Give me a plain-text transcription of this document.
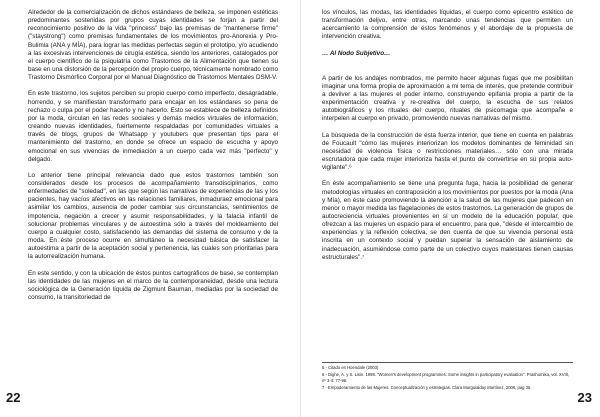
Alrededor de la comercialización de dichos estándares de belleza, se imponen estéticas predominantes sostenidas por grupos cuyas identidades se forjan a partir del reconocimiento positivo de la vida "princess" bajo las premisas de "mantenerse firme" ("staystrong") como premisas fundamentales de los movimientos pro-Anorexia y Pro-Bulimia (ANA y MÍA), para lograr las medidas perfectas según el prototipo, y/o acudiendo a las excesivas intervenciones de cirugía estética, siendo los anteriores, catalogados por el cuerpo científico de la psiquiatría como Trastornos de la Alimentación que tienen su base en una distorsión de la percepción del propio cuerpo, técnicamente nombrado como Trastorno Dismórfico Corporal por el Manual Diagnóstico de Trastornos Mentales DSM-V.

En este trastorno, los sujetos perciben su propio cuerpo como imperfecto, desagradable, horrendo, y se manifiestan transformarlo para encajar en los estándares so pena de rechazo o culpa por el poder hacerlo y no hacerlo. Esto se establece de belleza definidos por la moda, circulan en las redes sociales y demás medios virtuales de información, creando nuevas identidades, fuertemente respaldadas por comunidades virtuales a través de blogs, grupos de Whatsapp y youtubers que presentan tips para el mantenimiento del trastorno, en donde se ofrece un espacio de escucha y apoyo emocional en sus vivencias de inmediación a un cuerpo cada vez más "perfecto" y delgado.

Lo anterior tiene principal relevancia dado que estos trastornos también son considerados desde los procesos de acompañamiento transdisciplinarios, como enfermedades de "soledad", en las que según las narrativas de experiencias de las y los pacientes, hay vacíos afectivos en las relaciones familiares, inmaduraez emocional para asimilar los cambios, ausencia de poder cambiar sus circunstancias, sentimientos de impotencia, negación a crecer y asumir responsabilidades, y la falacia infantil de solucionar problemas vinculares y de autoestima sólo a través del moldeamiento del cuerpo a cualquier costo, satisfaciendo las demandas del sistema de consumo y de la moda. En éste proceso ocurre en simultáneo la necesidad básica de satisfacer la autoestima a partir de la aceptación social y pertenencia, las cuales son prioritarias para la autorrealización humana.

En este sentido, y con la ubicación de éstos puntos cartográficos de base, se contemplan las identidades de las mujeres en el marco de la contemporaneidad, desde una lectura sociológica de la Generación líquida de Zigmunt Bauman, mediadas por la sociedad de consumo, la transitoriedad de

22

los vínculos, las modas, las identidades líquidas, el cuerpo como epicentro estético de transformación deljvo, entre otras, marcando unas tendencias que permiten un acercamiento la comprensión de éstos fenómenos y el abordaje de la propuesta de intervención creativa.

… Al Nodo Subjetivo…

A partir de los andajes nombrados, me permito hacer algunas fugas que me posibilitan imaginar una forma propia de aproximación a mi tema de interés, que pretende contribuir a devilver a las mujeres el poder interno, construyendo epifanía propia a partir de la experimentación creativa y re-creativa del cuerpo, la escucha de sus relatos autobiográficos y los rituales del cuerpo, rituales de psicomagia que acompañe e interpelen al cuerpo en privado, promoviendo nuevas narrativas del mismo.

La búsqueda de la construcción de ésta fuerza interior, que tiene en cuenta en palabras de Foucault "cómo las mujeres interiorizan los modelos dominantes de feminidad sin necesidad de violencia física o restricciones materiales… sólo con una mirada escrutadora que cada mujer interioriza hasta el punto de convertirse en su propia auto-vigilante".⁶

En éste acompañamiento se tiene una pregunta fuga, hacia la posibilidad de generar metodologías virtuales en contraposición a los movimientos por puestos por la moda (Ana y Mía), en éste caso promoviendo la atención a la salud de las mujeres que padecen en menor o mayor medida las flagelaciones de estos trastornos. La generación de grupos de autocreciencia virtuales provenientes en sí un modelo de la educación popular, que ofrezcan a las mujeres un espacio para el encuentro, para qué, "desde el intercambio de experiencias y la reflexión colectiva, se den cuenta de que su vivencia personal está inscrita en un contexto social y puedan superar la sensación de aislamiento de inadecuación, asumiéndose como parte de un colectivo cuyos malestares tienen causas estructurales".⁷

5 - Citado en Hoendale (2003)

6 - Dighe, A. y S. Lisin. 1998. "Women's development programmes: Some insights in participatory evaluation". Prashumika, vol. XVIII, nº 3-4: 77-96.

7 - Empoderamiento de las Mujeres. Conceptualización y estrategias. Clara Murguialday Martínez, 2006, pag 35.

23
